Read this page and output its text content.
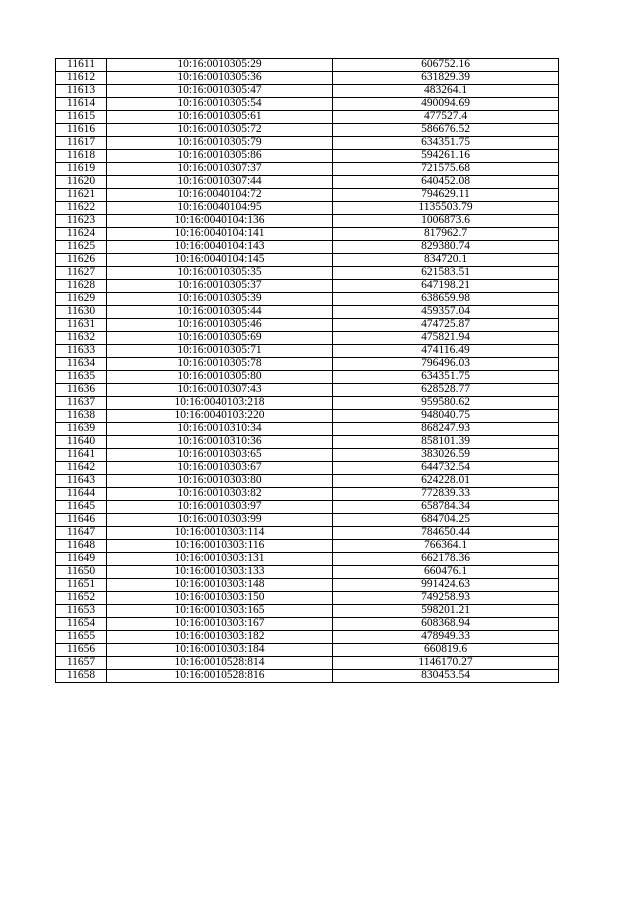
11611	10:16:0010305:29	606752.16
11612	10:16:0010305:36	631829.39
11613	10:16:0010305:47	483264.1
11614	10:16:0010305:54	490094.69
11615	10:16:0010305:61	477527.4
11616	10:16:0010305:72	586676.52
11617	10:16:0010305:79	634351.75
11618	10:16:0010305:86	594261.16
11619	10:16:0010307:37	721575.68
11620	10:16:0010307:44	640452.08
11621	10:16:0040104:72	794629.11
11622	10:16:0040104:95	1135503.79
11623	10:16:0040104:136	1006873.6
11624	10:16:0040104:141	817962.7
11625	10:16:0040104:143	829380.74
11626	10:16:0040104:145	834720.1
11627	10:16:0010305:35	621583.51
11628	10:16:0010305:37	647198.21
11629	10:16:0010305:39	638659.98
11630	10:16:0010305:44	459357.04
11631	10:16:0010305:46	474725.87
11632	10:16:0010305:69	475821.94
11633	10:16:0010305:71	474116.49
11634	10:16:0010305:78	796496.03
11635	10:16:0010305:80	634351.75
11636	10:16:0010307:43	628528.77
11637	10:16:0040103:218	959580.62
11638	10:16:0040103:220	948040.75
11639	10:16:0010310:34	868247.93
11640	10:16:0010310:36	858101.39
11641	10:16:0010303:65	383026.59
11642	10:16:0010303:67	644732.54
11643	10:16:0010303:80	624228.01
11644	10:16:0010303:82	772839.33
11645	10:16:0010303:97	658784.34
11646	10:16:0010303:99	684704.25
11647	10:16:0010303:114	784650.44
11648	10:16:0010303:116	766364.1
11649	10:16:0010303:131	662178.36
11650	10:16:0010303:133	660476.1
11651	10:16:0010303:148	991424.63
11652	10:16:0010303:150	749258.93
11653	10:16:0010303:165	598201.21
11654	10:16:0010303:167	608368.94
11655	10:16:0010303:182	478949.33
11656	10:16:0010303:184	660819.6
11657	10:16:0010528:814	1146170.27
11658	10:16:0010528:816	830453.54
